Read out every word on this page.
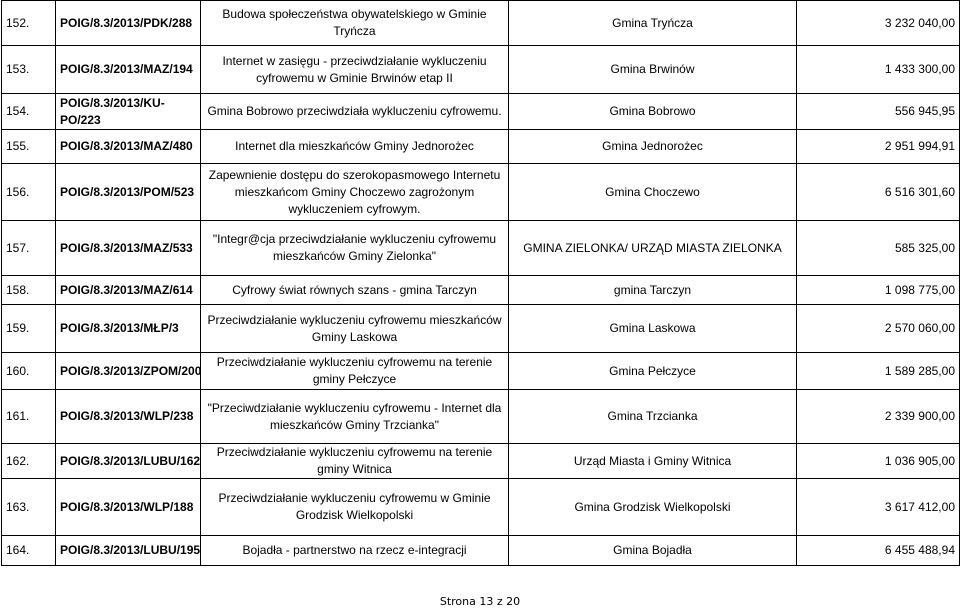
152.	POIG/8.3/2013/PDK/288	Budowa społeczeństwa obywatelskiego w Gminie Tryńcza	Gmina Tryńcza	3 232 040,00
153.	POIG/8.3/2013/MAZ/194	Internet w zasięgu - przeciwdziałanie wykluczeniu cyfrowemu w Gminie Brwinów etap II	Gmina Brwinów	1 433 300,00
154.	POIG/8.3/2013/KU-PO/223	Gmina Bobrowo przeciwdziała wykluczeniu cyfrowemu.	Gmina Bobrowo	556 945,95
155.	POIG/8.3/2013/MAZ/480	Internet dla mieszkańców Gminy Jednorożec	Gmina Jednorożec	2 951 994,91
156.	POIG/8.3/2013/POM/523	Zapewnienie dostępu do szerokopasmowego Internetu mieszkańcom Gminy Choczewo zagrożonym wykluczeniem cyfrowym.	Gmina Choczewo	6 516 301,60
157.	POIG/8.3/2013/MAZ/533	"Integr@cja przeciwdziałanie wykluczeniu cyfrowemu mieszkańców Gminy Zielonka"	GMINA ZIELONKA/ URZĄD MIASTA ZIELONKA	585 325,00
158.	POIG/8.3/2013/MAZ/614	Cyfrowy świat równych szans - gmina Tarczyn	gmina Tarczyn	1 098 775,00
159.	POIG/8.3/2013/MŁP/3	Przeciwdziałanie wykluczeniu cyfrowemu mieszkańców Gminy Laskowa	Gmina Laskowa	2 570 060,00
160.	POIG/8.3/2013/ZPOM/200	Przeciwdziałanie wykluczeniu cyfrowemu na terenie gminy Pełczyce	Gmina Pełczyce	1 589 285,00
161.	POIG/8.3/2013/WLP/238	"Przeciwdziałanie wykluczeniu cyfrowemu - Internet dla mieszkańców Gminy Trzcianka"	Gmina Trzcianka	2 339 900,00
162.	POIG/8.3/2013/LUBU/162	Przeciwdziałanie wykluczeniu cyfrowemu na terenie gminy Witnica	Urząd Miasta i Gminy Witnica	1 036 905,00
163.	POIG/8.3/2013/WLP/188	Przeciwdziałanie wykluczeniu cyfrowemu w Gminie Grodzisk Wielkopolski	Gmina Grodzisk Wielkopolski	3 617 412,00
164.	POIG/8.3/2013/LUBU/195	Bojadła - partnerstwo na rzecz e-integracji	Gmina Bojadła	6 455 488,94
Strona 13 z 20
